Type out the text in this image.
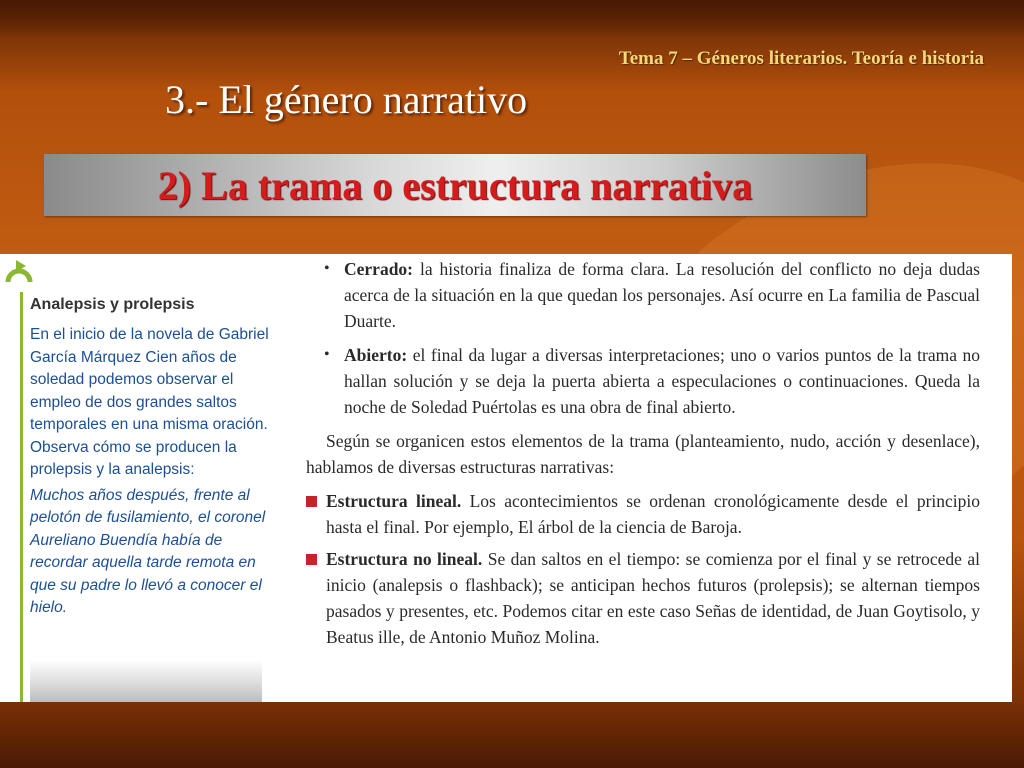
Tema 7 – Géneros literarios. Teoría e historia
3.- El género narrativo
2) La trama o estructura narrativa
Analepsis y prolepsis

En el inicio de la novela de Gabriel García Márquez Cien años de soledad podemos observar el empleo de dos grandes saltos temporales en una misma oración. Observa cómo se producen la prolepsis y la analepsis:

Muchos años después, frente al pelotón de fusilamiento, el coronel Aureliano Buendía había de recordar aquella tarde remota en que su padre lo llevó a conocer el hielo.

• Cerrado: la historia finaliza de forma clara. La resolución del conflicto no deja dudas acerca de la situación en la que quedan los personajes. Así ocurre en La familia de Pascual Duarte.
• Abierto: el final da lugar a diversas interpretaciones; uno o varios puntos de la trama no hallan solución y se deja la puerta abierta a especulaciones o continuaciones. Queda la noche de Soledad Puértolas es una obra de final abierto.

Según se organicen estos elementos de la trama (planteamiento, nudo, acción y desenlace), hablamos de diversas estructuras narrativas:

Estructura lineal. Los acontecimientos se ordenan cronológicamente desde el principio hasta el final. Por ejemplo, El árbol de la ciencia de Baroja.
Estructura no lineal. Se dan saltos en el tiempo: se comienza por el final y se retrocede al inicio (analepsis o flashback); se anticipan hechos futuros (prolepsis); se alternan tiempos pasados y presentes, etc. Podemos citar en este caso Señas de identidad, de Juan Goytisolo, y Beatus ille, de Antonio Muñoz Molina.
